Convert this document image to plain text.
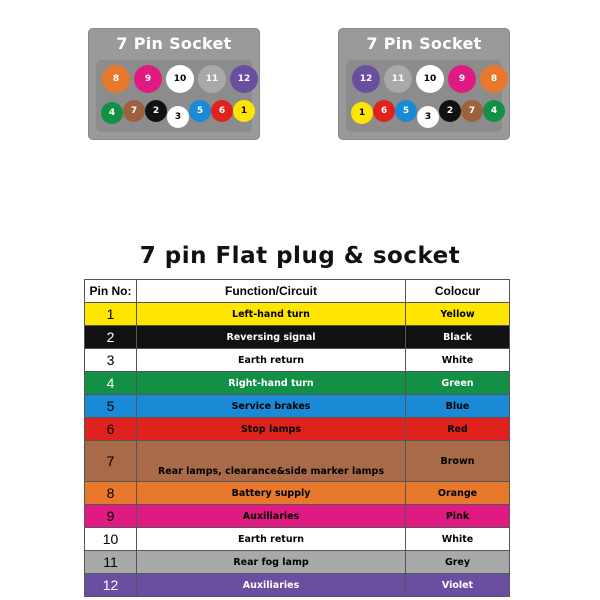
7 Pin Socket
8	9	10	11	12
4	7	2
3
5	6	1
7 Pin Socket
12	11	10	9	8
1	6	5
3
2	7	4
7 pin Flat plug & socket
Pin No:	Function/Circuit	Colocur
1	Left-hand turn	Yellow
2	Reversing signal	Black
3	Earth return	White
4	Right-hand turn	Green
5	Service brakes	Blue
6	Stop lamps	Red
7	Rear lamps, clearance&side marker lamps	Brown
8	Battery supply	Orange
9	Auxiliaries	Pink
10	Earth return	White
11	Rear fog lamp	Grey
12	Auxiliaries	Violet
